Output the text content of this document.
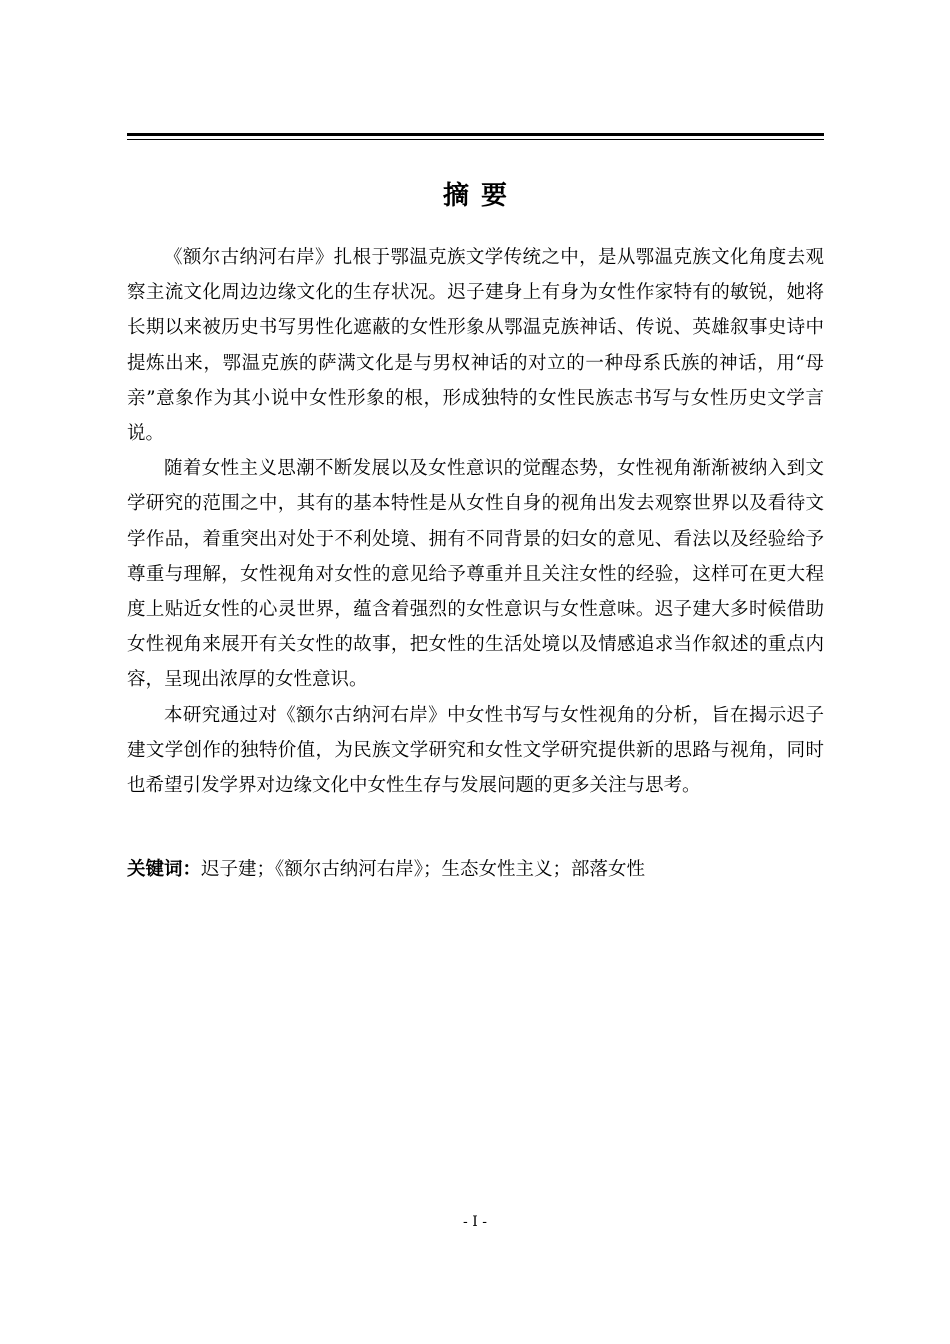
摘要

《额尔古纳河右岸》扎根于鄂温克族文学传统之中，是从鄂温克族文化角度去观察主流文化周边边缘文化的生存状况。迟子建身上有身为女性作家特有的敏锐，她将长期以来被历史书写男性化遮蔽的女性形象从鄂温克族神话、传说、英雄叙事史诗中提炼出来，鄂温克族的萨满文化是与男权神话的对立的一种母系氏族的神话，用“母亲”意象作为其小说中女性形象的根，形成独特的女性民族志书写与女性历史文学言说。

随着女性主义思潮不断发展以及女性意识的觉醒态势，女性视角渐渐被纳入到文学研究的范围之中，其有的基本特性是从女性自身的视角出发去观察世界以及看待文学作品，着重突出对处于不利处境、拥有不同背景的妇女的意见、看法以及经验给予尊重与理解，女性视角对女性的意见给予尊重并且关注女性的经验，这样可在更大程度上贴近女性的心灵世界，蕴含着强烈的女性意识与女性意味。迟子建大多时候借助女性视角来展开有关女性的故事，把女性的生活处境以及情感追求当作叙述的重点内容，呈现出浓厚的女性意识。

本研究通过对《额尔古纳河右岸》中女性书写与女性视角的分析，旨在揭示迟子建文学创作的独特价值，为民族文学研究和女性文学研究提供新的思路与视角，同时也希望引发学界对边缘文化中女性生存与发展问题的更多关注与思考。

关键词：迟子建；《额尔古纳河右岸》；生态女性主义；部落女性
- I -
